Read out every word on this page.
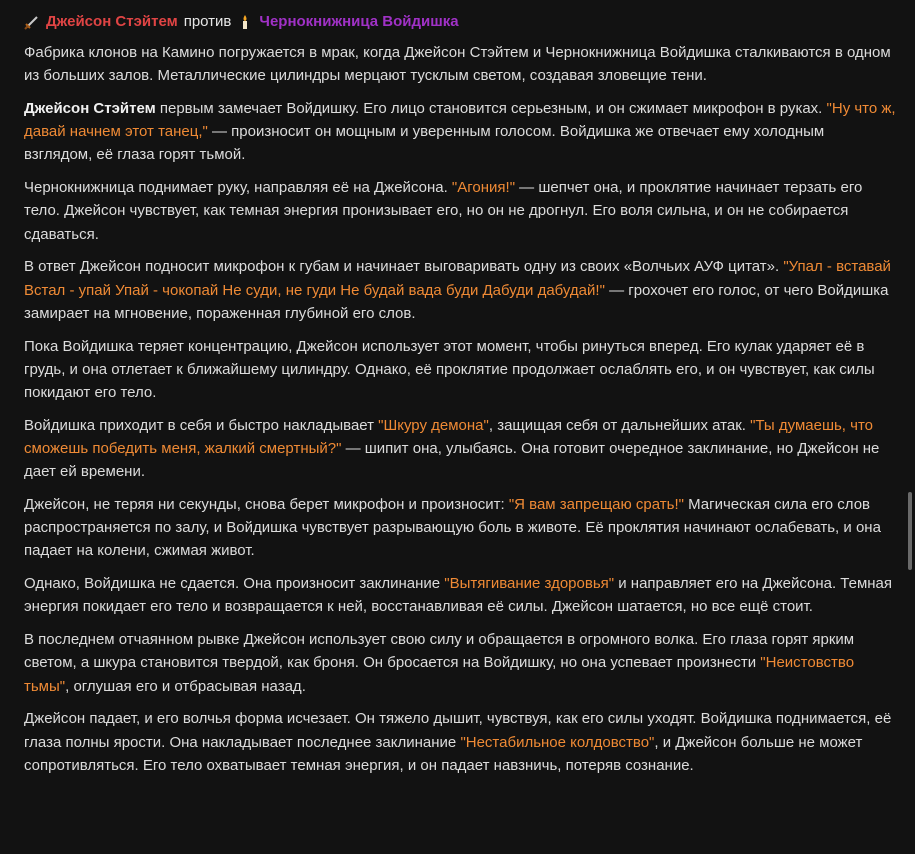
Джейсон Стэйтем против Чернокнижница Войдишка

Фабрика клонов на Камино погружается в мрак, когда Джейсон Стэйтем и Чернокнижница Войдишка сталкиваются в одном из больших залов. Металлические цилиндры мерцают тусклым светом, создавая зловещие тени.

Джейсон Стэйтем первым замечает Войдишку. Его лицо становится серьезным, и он сжимает микрофон в руках. "Ну что ж, давай начнем этот танец," — произносит он мощным и уверенным голосом. Войдишка же отвечает ему холодным взглядом, её глаза горят тьмой.

Чернокнижница поднимает руку, направляя её на Джейсона. "Агония!" — шепчет она, и проклятие начинает терзать его тело. Джейсон чувствует, как темная энергия пронизывает его, но он не дрогнул. Его воля сильна, и он не собирается сдаваться.

В ответ Джейсон подносит микрофон к губам и начинает выговаривать одну из своих «Волчьих АУФ цитат». "Упал - вставай Встал - упай Упай - чокопай Не суди, не гуди Не будай вада буди Дабуди дабудай!" — грохочет его голос, от чего Войдишка замирает на мгновение, пораженная глубиной его слов.

Пока Войдишка теряет концентрацию, Джейсон использует этот момент, чтобы ринуться вперед. Его кулак ударяет её в грудь, и она отлетает к ближайшему цилиндру. Однако, её проклятие продолжает ослаблять его, и он чувствует, как силы покидают его тело.

Войдишка приходит в себя и быстро накладывает "Шкуру демона", защищая себя от дальнейших атак. "Ты думаешь, что сможешь победить меня, жалкий смертный?" — шипит она, улыбаясь. Она готовит очередное заклинание, но Джейсон не дает ей времени.

Джейсон, не теряя ни секунды, снова берет микрофон и произносит: "Я вам запрещаю срать!" Магическая сила его слов распространяется по залу, и Войдишка чувствует разрывающую боль в животе. Её проклятия начинают ослабевать, и она падает на колени, сжимая живот.

Однако, Войдишка не сдается. Она произносит заклинание "Вытягивание здоровья" и направляет его на Джейсона. Темная энергия покидает его тело и возвращается к ней, восстанавливая её силы. Джейсон шатается, но все ещё стоит.

В последнем отчаянном рывке Джейсон использует свою силу и обращается в огромного волка. Его глаза горят ярким светом, а шкура становится твердой, как броня. Он бросается на Войдишку, но она успевает произнести "Неистовство тьмы", оглушая его и отбрасывая назад.

Джейсон падает, и его волчья форма исчезает. Он тяжело дышит, чувствуя, как его силы уходят. Войдишка поднимается, её глаза полны ярости. Она накладывает последнее заклинание "Нестабильное колдовство", и Джейсон больше не может сопротивляться. Его тело охватывает темная энергия, и он падает навзничь, потеряв сознание.
